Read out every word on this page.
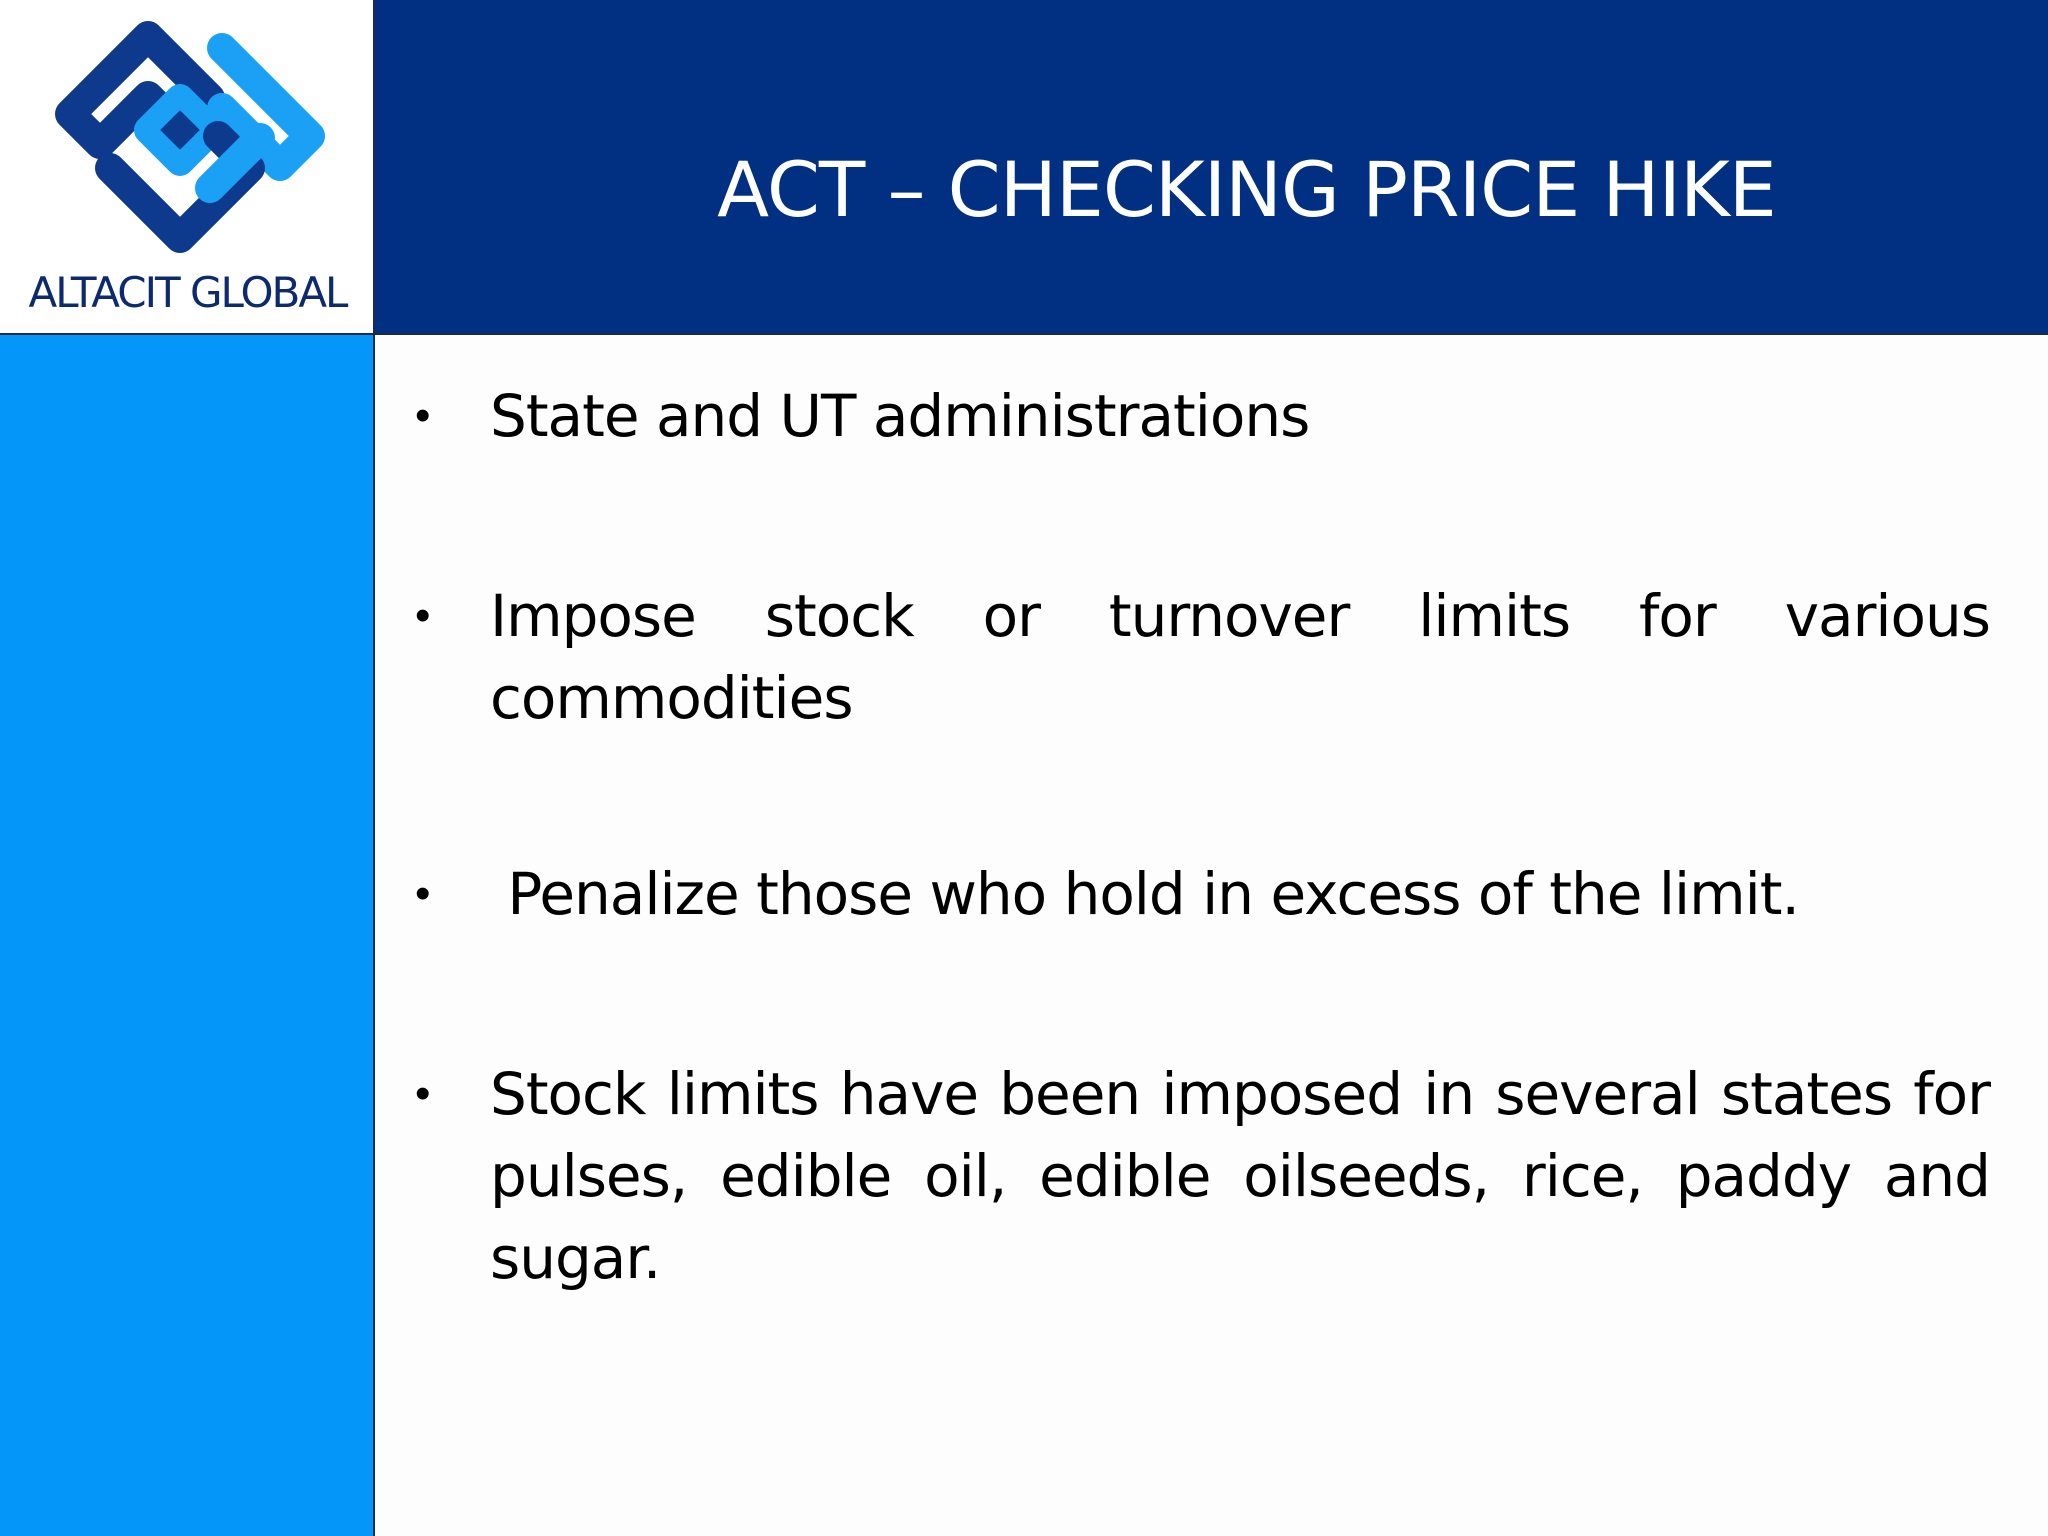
ALTACIT GLOBAL
ACT – CHECKING PRICE HIKE
•	State and UT administrations
•	Impose stock or turnover limits for various commodities
•	Penalize those who hold in excess of the limit.
•	Stock limits have been imposed in several states for pulses, edible oil, edible oilseeds, rice, paddy and sugar.
